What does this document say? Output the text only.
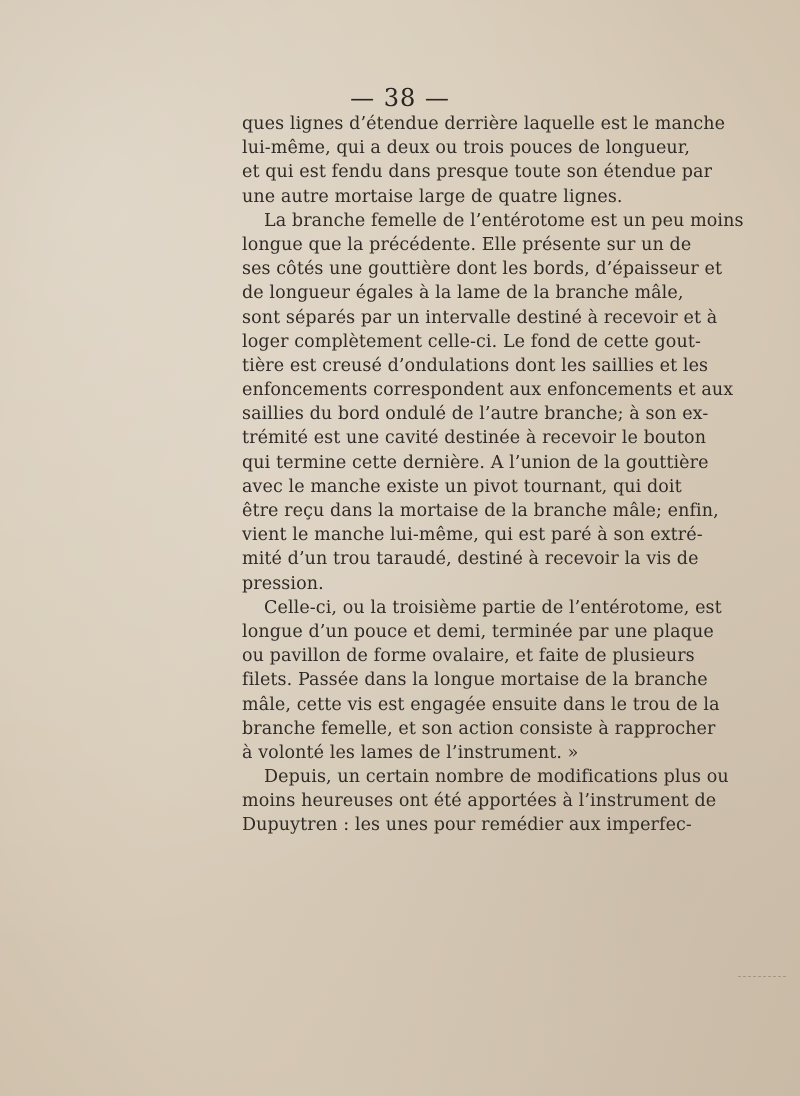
— 38 —
ques lignes d’étendue derrière laquelle est le manche
lui-même, qui a deux ou trois pouces de longueur,
et qui est fendu dans presque toute son étendue par
une autre mortaise large de quatre lignes.
La branche femelle de l’entérotome est un peu moins
longue que la précédente. Elle présente sur un de
ses côtés une gouttière dont les bords, d’épaisseur et
de longueur égales à la lame de la branche mâle,
sont séparés par un intervalle destiné à recevoir et à
loger complètement celle-ci. Le fond de cette gout-
tière est creusé d’ondulations dont les saillies et les
enfoncements correspondent aux enfoncements et aux
saillies du bord ondulé de l’autre branche; à son ex-
trémité est une cavité destinée à recevoir le bouton
qui termine cette dernière. A l’union de la gouttière
avec le manche existe un pivot tournant, qui doit
être reçu dans la mortaise de la branche mâle; enfin,
vient le manche lui-même, qui est paré à son extré-
mité d’un trou taraudé, destiné à recevoir la vis de
pression.
Celle-ci, ou la troisième partie de l’entérotome, est
longue d’un pouce et demi, terminée par une plaque
ou pavillon de forme ovalaire, et faite de plusieurs
filets. Passée dans la longue mortaise de la branche
mâle, cette vis est engagée ensuite dans le trou de la
branche femelle, et son action consiste à rapprocher
à volonté les lames de l’instrument. »
Depuis, un certain nombre de modifications plus ou
moins heureuses ont été apportées à l’instrument de
Dupuytren : les unes pour remédier aux imperfec-
